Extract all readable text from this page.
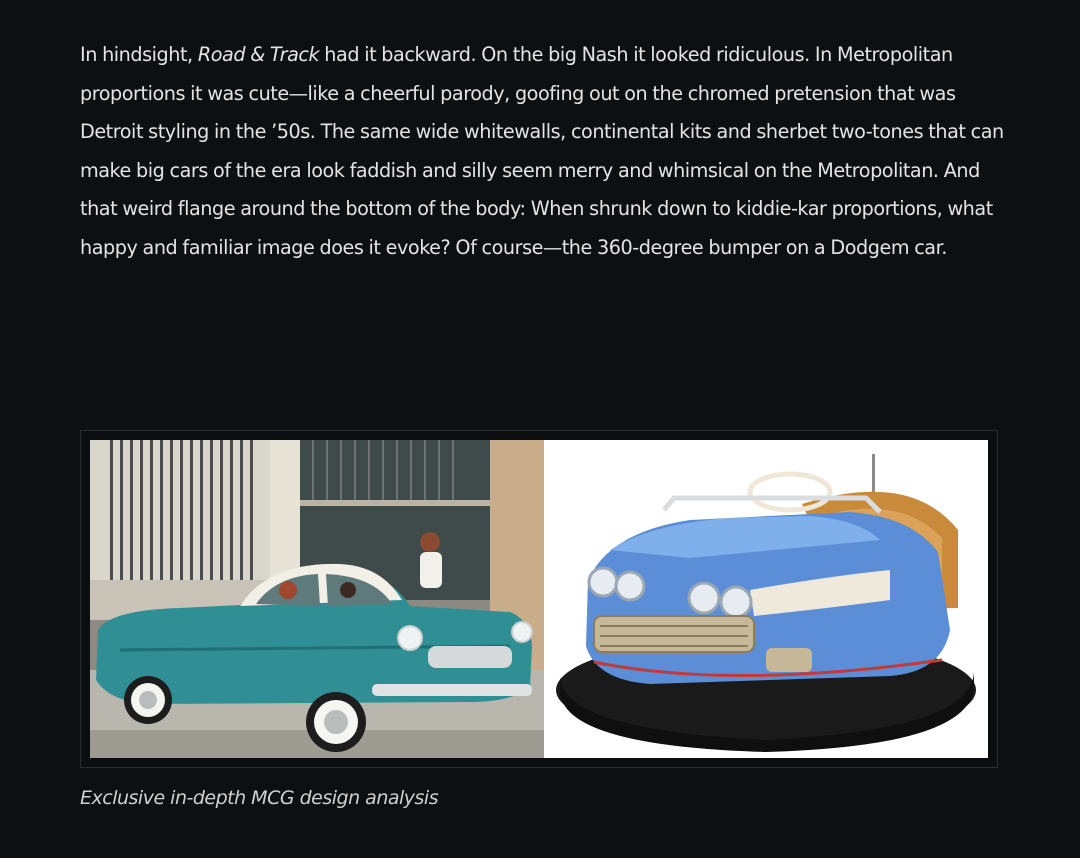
In hindsight, Road & Track had it backward. On the big Nash it looked ridiculous. In Metropolitan proportions it was cute—like a cheerful parody, goofing out on the chromed pretension that was Detroit styling in the ’50s. The same wide whitewalls, continental kits and sherbet two-tones that can make big cars of the era look faddish and silly seem merry and whimsical on the Metropolitan. And that weird flange around the bottom of the body: When shrunk down to kiddie-kar proportions, what happy and familiar image does it evoke? Of course—the 360-degree bumper on a Dodgem car.

Exclusive in-depth MCG design analysis
